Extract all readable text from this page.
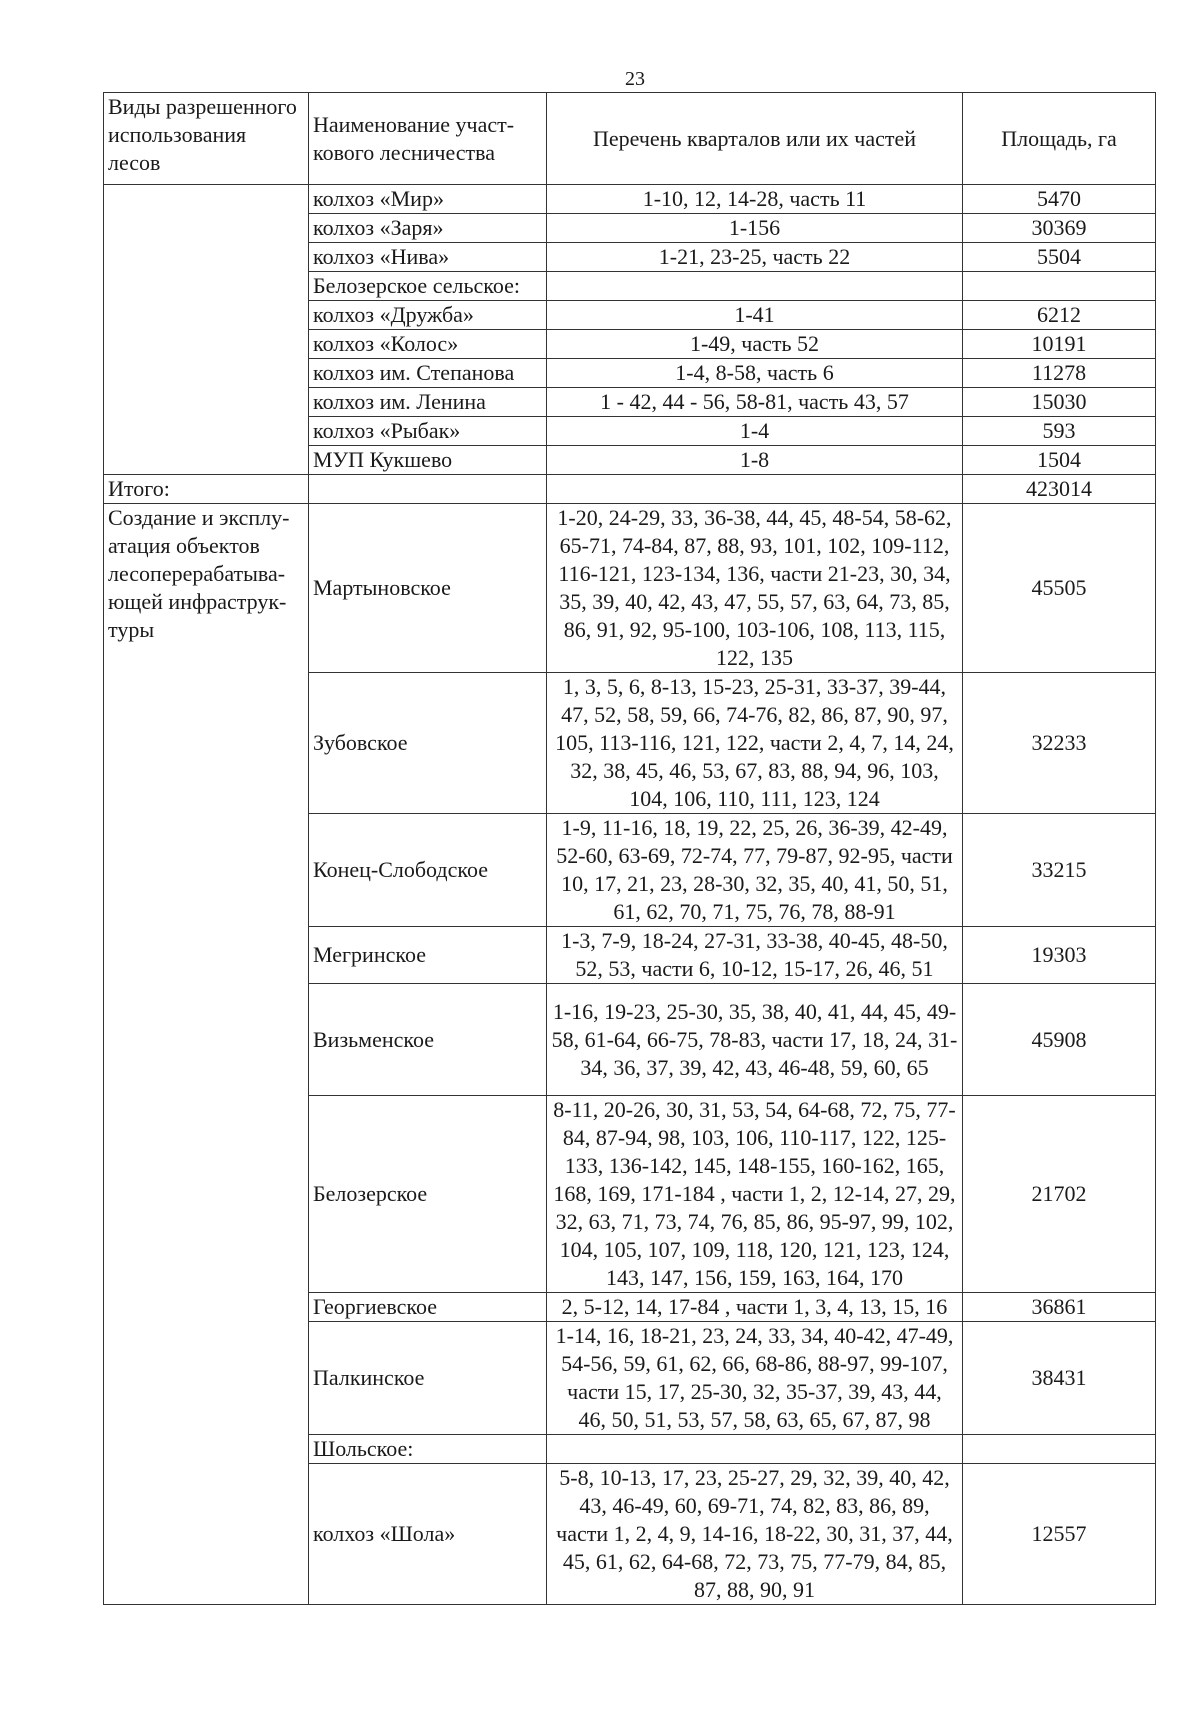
23
Виды разрешенного использования лесов	Наименование участ-кового лесничества	Перечень кварталов или их частей	Площадь, га
	колхоз «Мир»	1-10, 12, 14-28, часть 11	5470
	колхоз «Заря»	1-156	30369
	колхоз «Нива»	1-21, 23-25, часть 22	5504
	Белозерское сельское:		
	колхоз «Дружба»	1-41	6212
	колхоз «Колос»	1-49, часть 52	10191
	колхоз им. Степанова	1-4, 8-58, часть 6	11278
	колхоз им. Ленина	1 - 42, 44 - 56, 58-81, часть 43, 57	15030
	колхоз «Рыбак»	1-4	593
	МУП Кукшево	1-8	1504
Итого:			423014
Создание и эксплу-атация объектов лесоперерабатыва-ющей инфраструк-туры	Мартыновское	1-20, 24-29, 33, 36-38, 44, 45, 48-54, 58-62, 65-71, 74-84, 87, 88, 93, 101, 102, 109-112, 116-121, 123-134, 136, части 21-23, 30, 34, 35, 39, 40, 42, 43, 47, 55, 57, 63, 64, 73, 85, 86, 91, 92, 95-100, 103-106, 108, 113, 115, 122, 135	45505
	Зубовское	1, 3, 5, 6, 8-13, 15-23, 25-31, 33-37, 39-44, 47, 52, 58, 59, 66, 74-76, 82, 86, 87, 90, 97, 105, 113-116, 121, 122, части 2, 4, 7, 14, 24, 32, 38, 45, 46, 53, 67, 83, 88, 94, 96, 103, 104, 106, 110, 111, 123, 124	32233
	Конец-Слободское	1-9, 11-16, 18, 19, 22, 25, 26, 36-39, 42-49, 52-60, 63-69, 72-74, 77, 79-87, 92-95, части 10, 17, 21, 23, 28-30, 32, 35, 40, 41, 50, 51, 61, 62, 70, 71, 75, 76, 78, 88-91	33215
	Мегринское	1-3, 7-9, 18-24, 27-31, 33-38, 40-45, 48-50, 52, 53, части 6, 10-12, 15-17, 26, 46, 51	19303
	Визьменское	1-16, 19-23, 25-30, 35, 38, 40, 41, 44, 45, 49-58, 61-64, 66-75, 78-83, части 17, 18, 24, 31-34, 36, 37, 39, 42, 43, 46-48, 59, 60, 65	45908
	Белозерское	8-11, 20-26, 30, 31, 53, 54, 64-68, 72, 75, 77-84, 87-94, 98, 103, 106, 110-117, 122, 125-133, 136-142, 145, 148-155, 160-162, 165, 168, 169, 171-184 , части 1, 2, 12-14, 27, 29, 32, 63, 71, 73, 74, 76, 85, 86, 95-97, 99, 102, 104, 105, 107, 109, 118, 120, 121, 123, 124, 143, 147, 156, 159, 163, 164, 170	21702
	Георгиевское	2, 5-12, 14, 17-84 , части 1, 3, 4, 13, 15, 16	36861
	Палкинское	1-14, 16, 18-21, 23, 24, 33, 34, 40-42, 47-49, 54-56, 59, 61, 62, 66, 68-86, 88-97, 99-107, части 15, 17, 25-30, 32, 35-37, 39, 43, 44, 46, 50, 51, 53, 57, 58, 63, 65, 67, 87, 98	38431
	Шольское:		
	колхоз «Шола»	5-8, 10-13, 17, 23, 25-27, 29, 32, 39, 40, 42, 43, 46-49, 60, 69-71, 74, 82, 83, 86, 89, части 1, 2, 4, 9, 14-16, 18-22, 30, 31, 37, 44, 45, 61, 62, 64-68, 72, 73, 75, 77-79, 84, 85, 87, 88, 90, 91	12557
